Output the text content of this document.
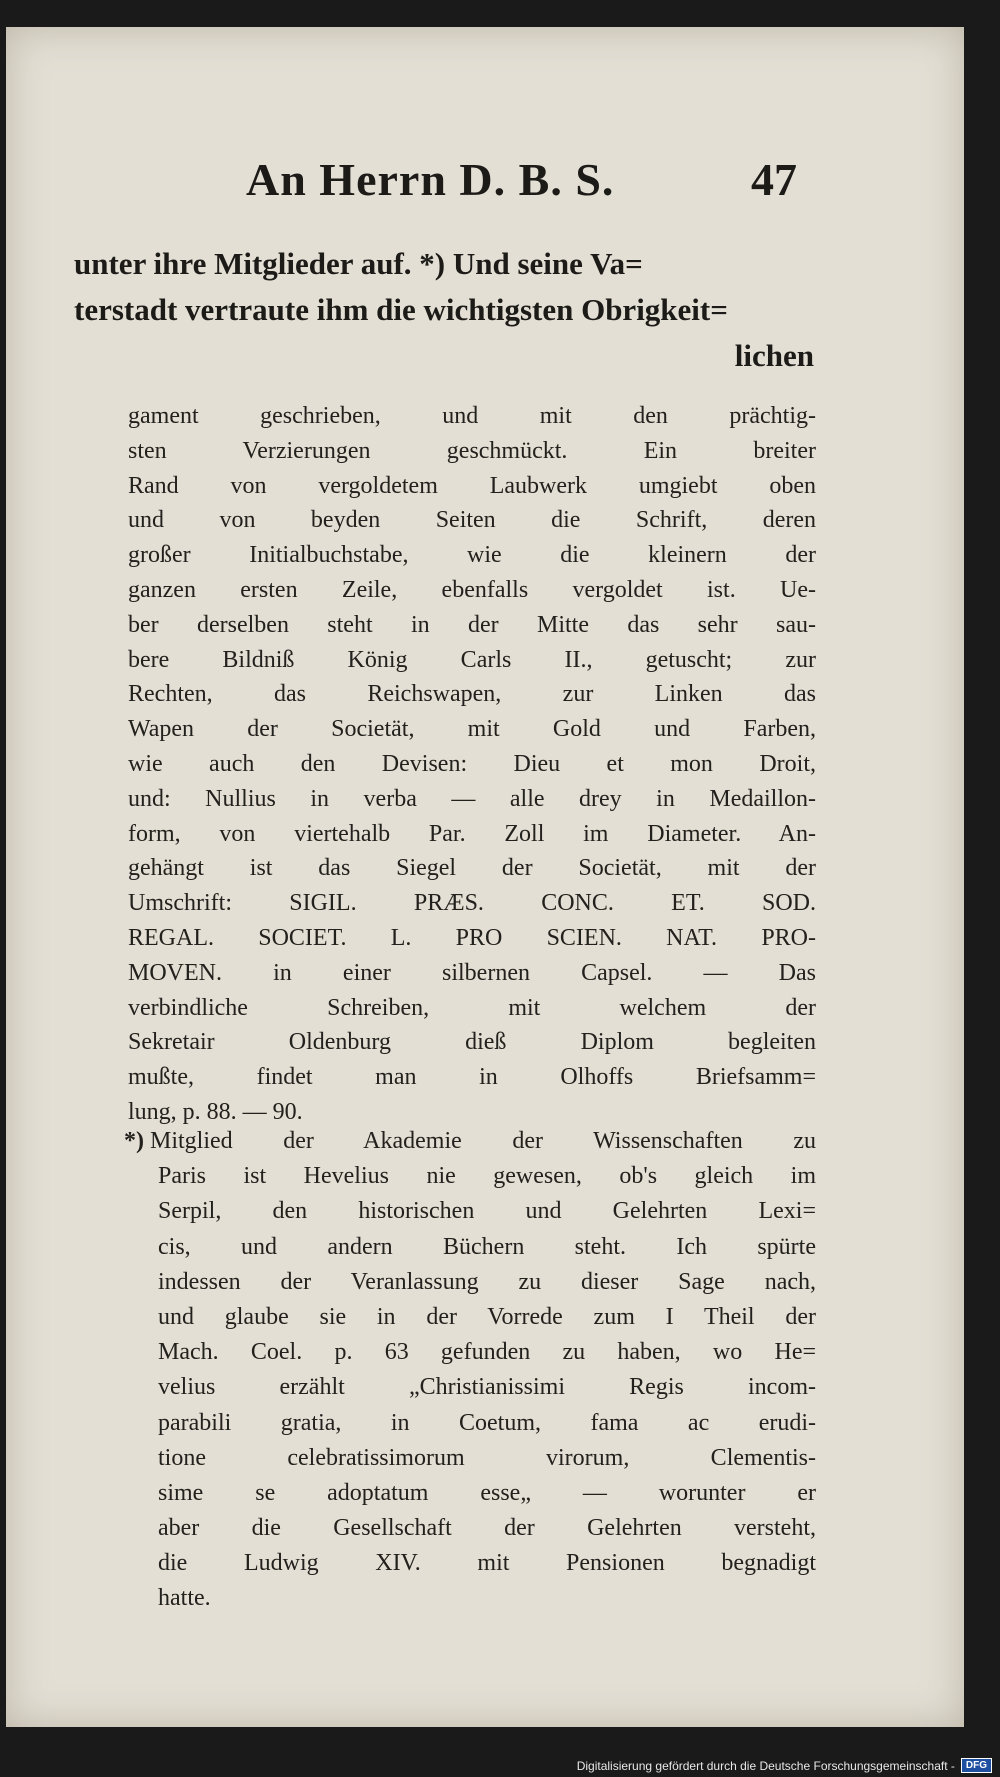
An Herrn D. B. S.	47
unter ihre Mitglieder auf. *) Und seine Va=
terstadt vertraute ihm die wichtigsten Obrigkeit=
lichen
gament geschrieben, und mit den prächtig-
sten Verzierungen geschmückt. Ein breiter
Rand von vergoldetem Laubwerk umgiebt oben
und von beyden Seiten die Schrift, deren
großer Initialbuchstabe, wie die kleinern der
ganzen ersten Zeile, ebenfalls vergoldet ist. Ue-
ber derselben steht in der Mitte das sehr sau-
bere Bildniß König Carls II., getuscht; zur
Rechten, das Reichswapen, zur Linken das
Wapen der Societät, mit Gold und Farben,
wie auch den Devisen: Dieu et mon Droit,
und: Nullius in verba — alle drey in Medaillon-
form, von viertehalb Par. Zoll im Diameter. An-
gehängt ist das Siegel der Societät, mit der
Umschrift: SIGIL. PRÆS. CONC. ET. SOD.
REGAL. SOCIET. L. PRO SCIEN. NAT. PRO-
MOVEN. in einer silbernen Capsel. — Das
verbindliche Schreiben, mit welchem der
Sekretair Oldenburg dieß Diplom begleiten
mußte, findet man in Olhoffs Briefsamm=
lung, p. 88. — 90.
*) Mitglied der Akademie der Wissenschaften zu
Paris ist Hevelius nie gewesen, ob's gleich im
Serpil, den historischen und Gelehrten Lexi=
cis, und andern Büchern steht. Ich spürte
indessen der Veranlassung zu dieser Sage nach,
und glaube sie in der Vorrede zum I Theil der
Mach. Coel. p. 63 gefunden zu haben, wo He=
velius erzählt „Christianissimi Regis incom-
parabili gratia, in Coetum, fama ac erudi-
tione celebratissimorum virorum, Clementis-
sime se adoptatum esse„ — worunter er
aber die Gesellschaft der Gelehrten versteht,
die Ludwig XIV. mit Pensionen begnadigt
hatte.
Digitalisierung gefördert durch die Deutsche Forschungsgemeinschaft -	DFG
